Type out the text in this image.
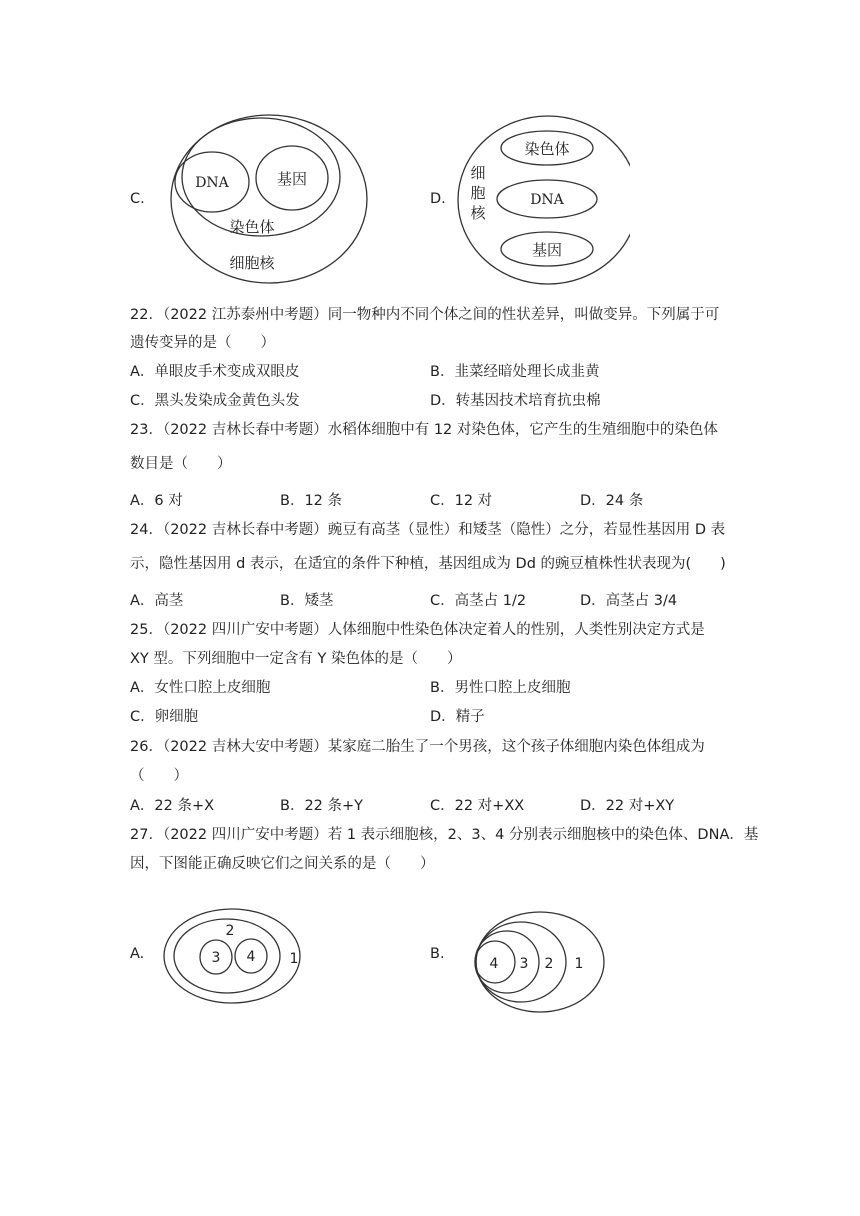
C.
DNA	基因
染色体
细胞核
D.
染色体
DNA
基因
细
胞
核
22．（2022 江苏泰州中考题）同一物种内不同个体之间的性状差异，叫做变异。下列属于可
遗传变异的是（　　）
A．单眼皮手术变成双眼皮	B．韭菜经暗处理长成韭黄
C．黑头发染成金黄色头发	D．转基因技术培育抗虫棉
23．（2022 吉林长春中考题）水稻体细胞中有 12 对染色体，它产生的生殖细胞中的染色体
数目是（　　）
A．6 对	B．12 条	C．12 对	D．24 条
24．（2022 吉林长春中考题）豌豆有高茎（显性）和矮茎（隐性）之分，若显性基因用 D 表
示，隐性基因用 d 表示，在适宜的条件下种植，基因组成为 Dd 的豌豆植株性状表现为(　　)
A．高茎	B．矮茎	C．高茎占 1/2	D．高茎占 3/4
25．（2022 四川广安中考题）人体细胞中性染色体决定着人的性别，人类性别决定方式是
XY 型。下列细胞中一定含有 Y 染色体的是（　　）
A．女性口腔上皮细胞	B．男性口腔上皮细胞
C．卵细胞	D．精子
26．（2022 吉林大安中考题）某家庭二胎生了一个男孩，这个孩子体细胞内染色体组成为
（　　）
A．22 条+X	B．22 条+Y	C．22 对+XX	D．22 对+XY
27．（2022 四川广安中考题）若 1 表示细胞核，2、3、4 分别表示细胞核中的染色体、DNA．基
因，下图能正确反映它们之间关系的是（　　）
A.
2
3 4 1	B.
4 3 2 1
